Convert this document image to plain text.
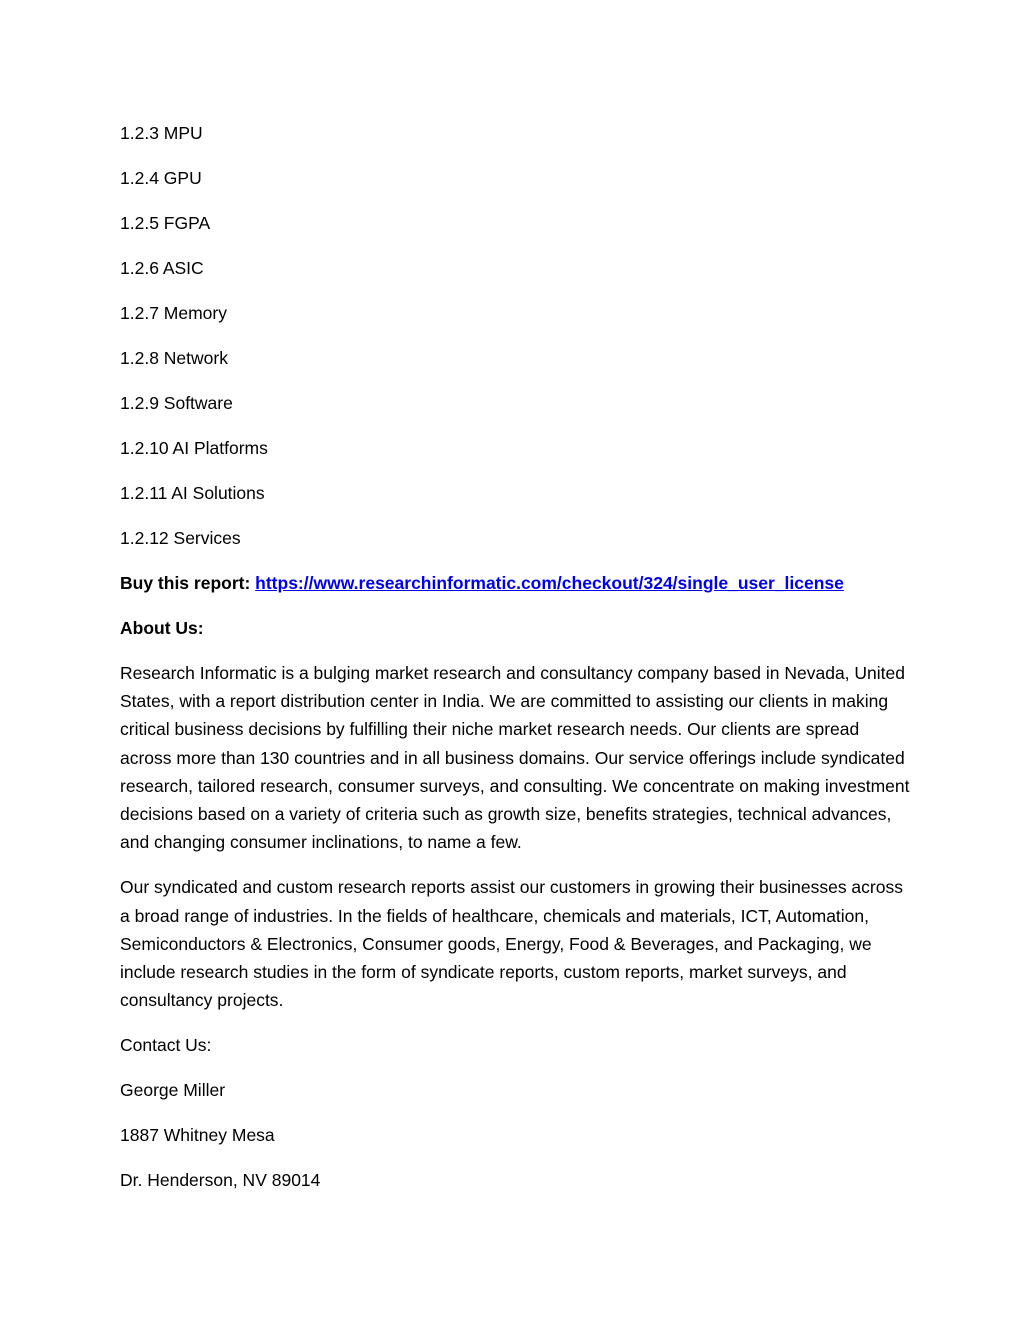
1.2.3 MPU
1.2.4 GPU
1.2.5 FGPA
1.2.6 ASIC
1.2.7 Memory
1.2.8 Network
1.2.9 Software
1.2.10 AI Platforms
1.2.11 AI Solutions
1.2.12 Services
Buy this report: https://www.researchinformatic.com/checkout/324/single_user_license
About Us:
Research Informatic is a bulging market research and consultancy company based in Nevada, United States, with a report distribution center in India. We are committed to assisting our clients in making critical business decisions by fulfilling their niche market research needs. Our clients are spread across more than 130 countries and in all business domains. Our service offerings include syndicated research, tailored research, consumer surveys, and consulting. We concentrate on making investment decisions based on a variety of criteria such as growth size, benefits strategies, technical advances, and changing consumer inclinations, to name a few.
Our syndicated and custom research reports assist our customers in growing their businesses across a broad range of industries. In the fields of healthcare, chemicals and materials, ICT, Automation, Semiconductors & Electronics, Consumer goods, Energy, Food & Beverages, and Packaging, we include research studies in the form of syndicate reports, custom reports, market surveys, and consultancy projects.
Contact Us:
George Miller
1887 Whitney Mesa
Dr. Henderson, NV 89014
